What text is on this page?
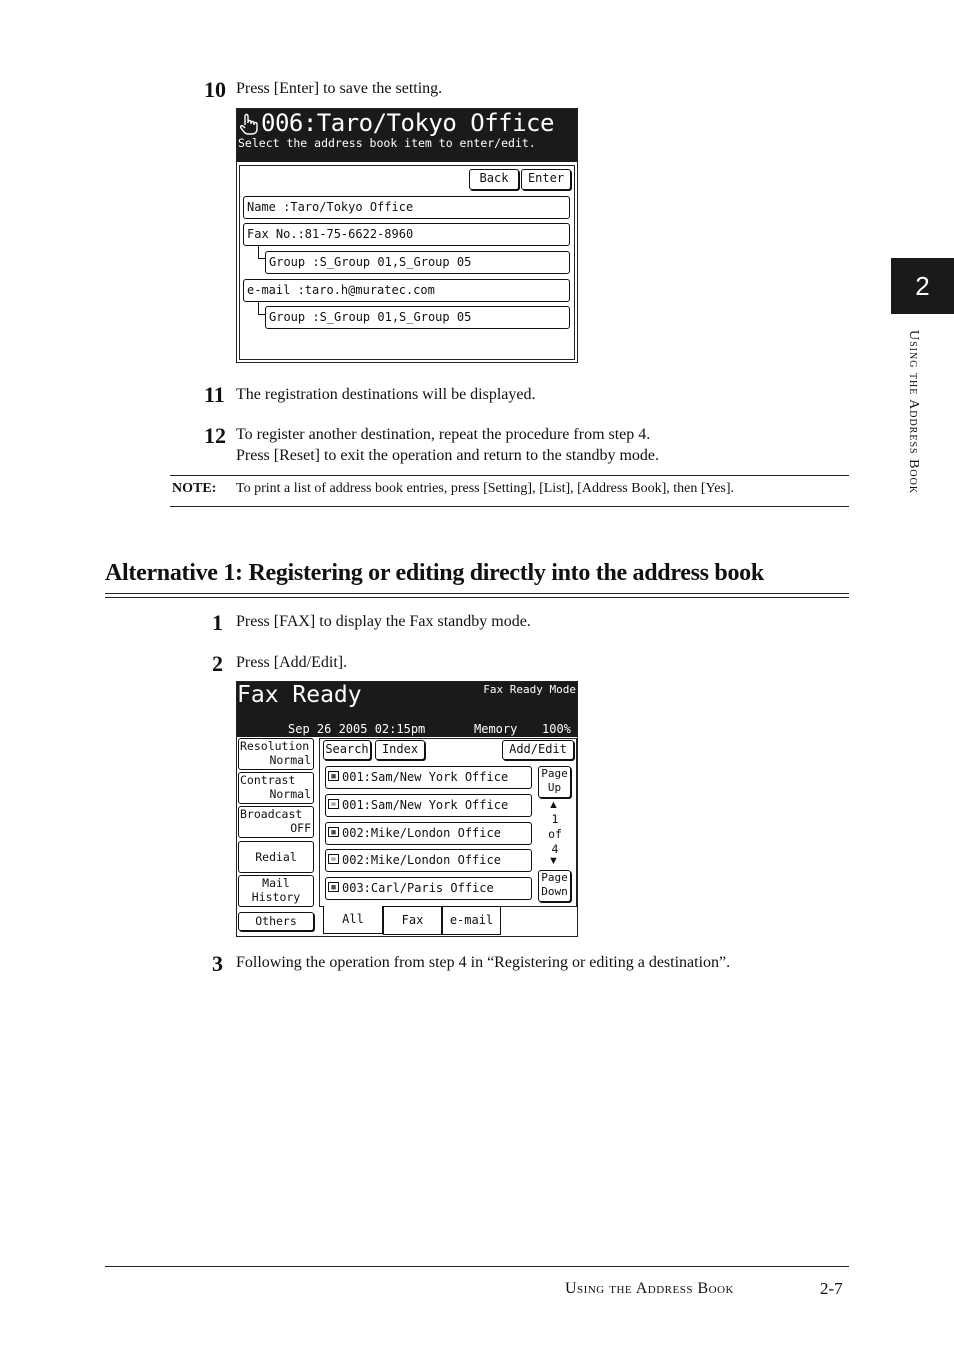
2
Using the Address Book
10 Press [Enter] to save the setting.
006:Taro/Tokyo Office
Select the address book item to enter/edit.
Back	Enter
Name :Taro/Tokyo Office
Fax No.:81-75-6622-8960
Group :S_Group 01,S_Group 05
e-mail :taro.h@muratec.com
Group :S_Group 01,S_Group 05
11 The registration destinations will be displayed.
12 To register another destination, repeat the procedure from step 4.
Press [Reset] to exit the operation and return to the standby mode.
NOTE: To print a list of address book entries, press [Setting], [List], [Address Book], then [Yes].
Alternative 1: Registering or editing directly into the address book
1 Press [FAX] to display the Fax standby mode.
2 Press [Add/Edit].
Fax Ready	Fax Ready Mode
Sep 26 2005 02:15pm	Memory 100%
Resolution
Normal
Contrast
Normal
Broadcast
OFF
Redial
Mail
History
Others
Search	Index	Add/Edit
▩ 001:Sam/New York Office
✉ 001:Sam/New York Office
▩ 002:Mike/London Office
✉ 002:Mike/London Office
▩ 003:Carl/Paris Office
Page
Up
▲
1
of
4
▼
Page
Down
All	Fax	e-mail
3 Following the operation from step 4 in “Registering or editing a destination”.
Using the Address Book	2-7
